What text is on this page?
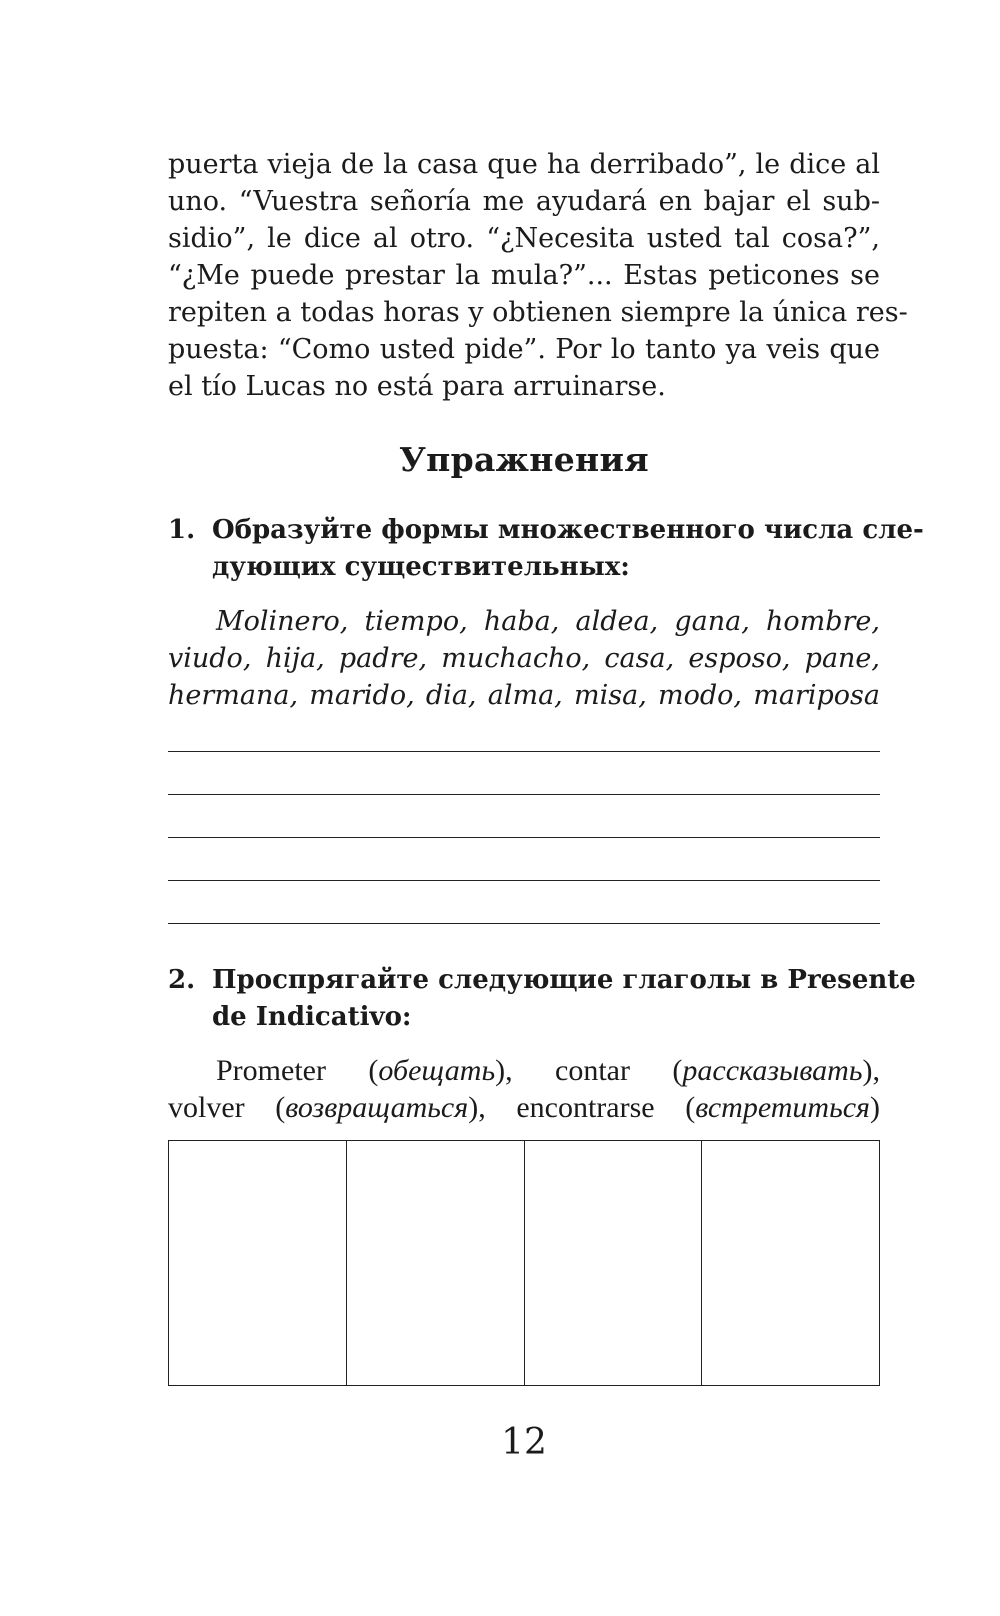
puerta vieja de la casa que ha derribado”, le dice al
uno. “Vuestra señoría me ayudará en bajar el sub-
sidio”, le dice al otro. “¿Necesita usted tal cosa?”,
“¿Me puede prestar la mula?”... Estas peticones se
repiten a todas horas y obtienen siempre la única res-
puesta: “Como usted pide”. Por lo tanto ya veis que
el tío Lucas no está para arruinarse.
Упражнения
1. Образуйте формы множественного числа сле-
дующих существительных:
Molinero, tiempo, haba, aldea, gana, hombre,
viudo, hija, padre, muchacho, casa, esposo, pane,
hermana, marido, dia, alma, misa, modo, mariposa
2. Проспрягайте следующие глаголы в Presente
de Indicativo:
Prometer (обещать), contar (рассказывать),
volver (возвращаться), encontrarse (встретиться)
12
